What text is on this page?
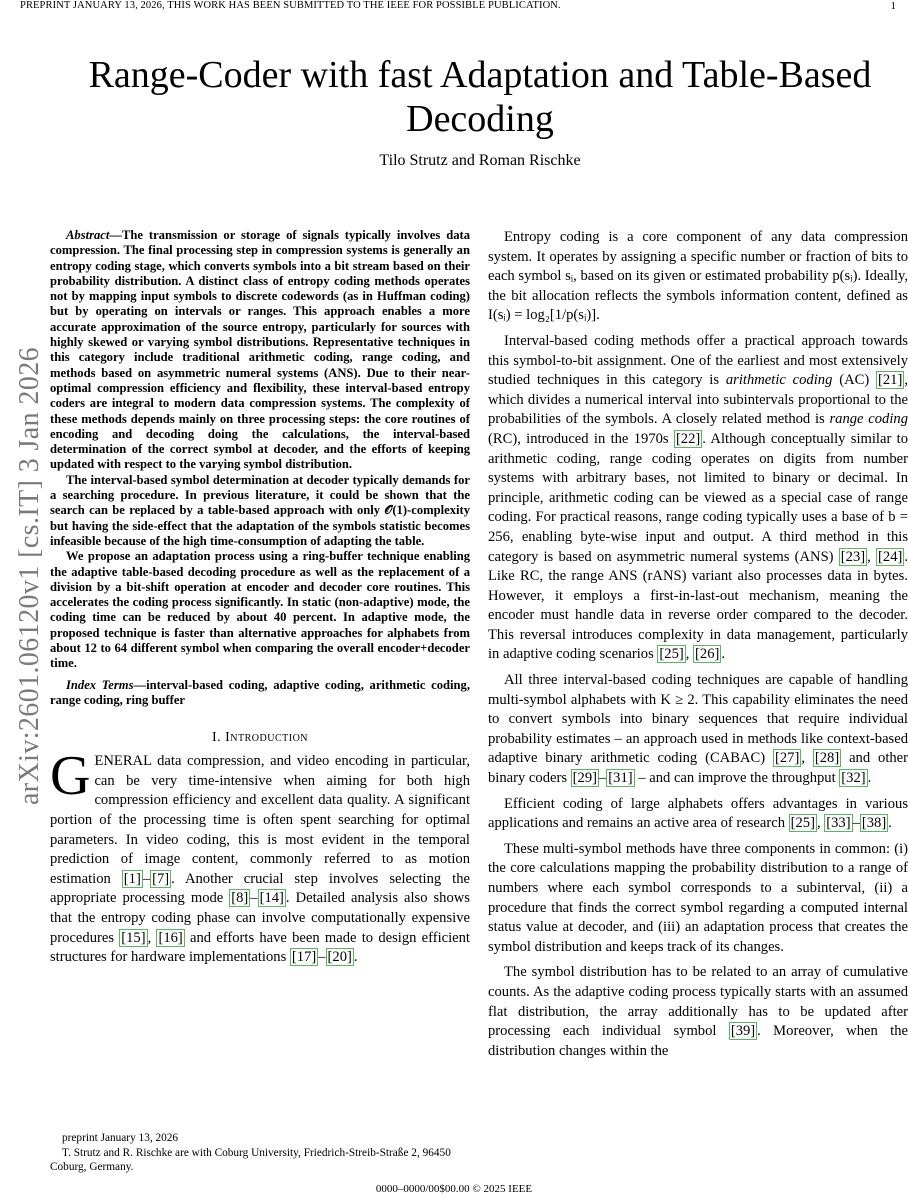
PREPRINT JANUARY 13, 2026, THIS WORK HAS BEEN SUBMITTED TO THE IEEE FOR POSSIBLE PUBLICATION.	1
arXiv:2601.06120v1 [cs.IT] 3 Jan 2026
Range-Coder with fast Adaptation and Table-Based Decoding
Tilo Strutz and Roman Rischke

Abstract—The transmission or storage of signals typically involves data compression. The final processing step in compression systems is generally an entropy coding stage, which converts symbols into a bit stream based on their probability distribution. A distinct class of entropy coding methods operates not by mapping input symbols to discrete codewords (as in Huffman coding) but by operating on intervals or ranges. This approach enables a more accurate approximation of the source entropy, particularly for sources with highly skewed or varying symbol distributions. Representative techniques in this category include traditional arithmetic coding, range coding, and methods based on asymmetric numeral systems (ANS). Due to their near-optimal compression efficiency and flexibility, these interval-based entropy coders are integral to modern data compression systems. The complexity of these methods depends mainly on three processing steps: the core routines of encoding and decoding doing the calculations, the interval-based determination of the correct symbol at decoder, and the efforts of keeping updated with respect to the varying symbol distribution.

The interval-based symbol determination at decoder typically demands for a searching procedure. In previous literature, it could be shown that the search can be replaced by a table-based approach with only 𝒪(1)-complexity but having the side-effect that the adaptation of the symbols statistic becomes infeasible because of the high time-consumption of adapting the table.

We propose an adaptation process using a ring-buffer technique enabling the adaptive table-based decoding procedure as well as the replacement of a division by a bit-shift operation at encoder and decoder core routines. This accelerates the coding process significantly. In static (non-adaptive) mode, the coding time can be reduced by about 40 percent. In adaptive mode, the proposed technique is faster than alternative approaches for alphabets from about 12 to 64 different symbol when comparing the overall encoder+decoder time.

Index Terms—interval-based coding, adaptive coding, arithmetic coding, range coding, ring buffer

I. Introduction

GENERAL data compression, and video encoding in particular, can be very time-intensive when aiming for both high compression efficiency and excellent data quality. A significant portion of the processing time is often spent searching for optimal parameters. In video coding, this is most evident in the temporal prediction of image content, commonly referred to as motion estimation [1] – [7] . Another crucial step involves selecting the appropriate processing mode [8] – [14] . Detailed analysis also shows that the entropy coding phase can involve computationally expensive procedures [15] , [16] and efforts have been made to design efficient structures for hardware implementations [17] – [20] .

preprint January 13, 2026

T. Strutz and R. Rischke are with Coburg University, Friedrich-Streib-Straße 2, 96450 Coburg, Germany.

Entropy coding is a core component of any data compression system. It operates by assigning a specific number or fraction of bits to each symbol sᵢ, based on its given or estimated probability p(sᵢ). Ideally, the bit allocation reflects the symbols information content, defined as I(sᵢ) = log₂[1/p(sᵢ)].

Interval-based coding methods offer a practical approach towards this symbol-to-bit assignment. One of the earliest and most extensively studied techniques in this category is arithmetic coding (AC) [21] , which divides a numerical interval into subintervals proportional to the probabilities of the symbols. A closely related method is range coding (RC), introduced in the 1970s [22] . Although conceptually similar to arithmetic coding, range coding operates on digits from number systems with arbitrary bases, not limited to binary or decimal. In principle, arithmetic coding can be viewed as a special case of range coding. For practical reasons, range coding typically uses a base of b = 256, enabling byte-wise input and output. A third method in this category is based on asymmetric numeral systems (ANS) [23] , [24] . Like RC, the range ANS (rANS) variant also processes data in bytes. However, it employs a first-in-last-out mechanism, meaning the encoder must handle data in reverse order compared to the decoder. This reversal introduces complexity in data management, particularly in adaptive coding scenarios [25] , [26] .

All three interval-based coding techniques are capable of handling multi-symbol alphabets with K ≥ 2. This capability eliminates the need to convert symbols into binary sequences that require individual probability estimates – an approach used in methods like context-based adaptive binary arithmetic coding (CABAC) [27] , [28] and other binary coders [29] – [31] – and can improve the throughput [32] .

Efficient coding of large alphabets offers advantages in various applications and remains an active area of research [25] , [33] – [38] .

These multi-symbol methods have three components in common: (i) the core calculations mapping the probability distribution to a range of numbers where each symbol corresponds to a subinterval, (ii) a procedure that finds the correct symbol regarding a computed internal status value at decoder, and (iii) an adaptation process that creates the symbol distribution and keeps track of its changes.

The symbol distribution has to be related to an array of cumulative counts. As the adaptive coding process typically starts with an assumed flat distribution, the array additionally has to be updated after processing each individual symbol [39] . Moreover, when the distribution changes within the

0000–0000/00$00.00 © 2025 IEEE
